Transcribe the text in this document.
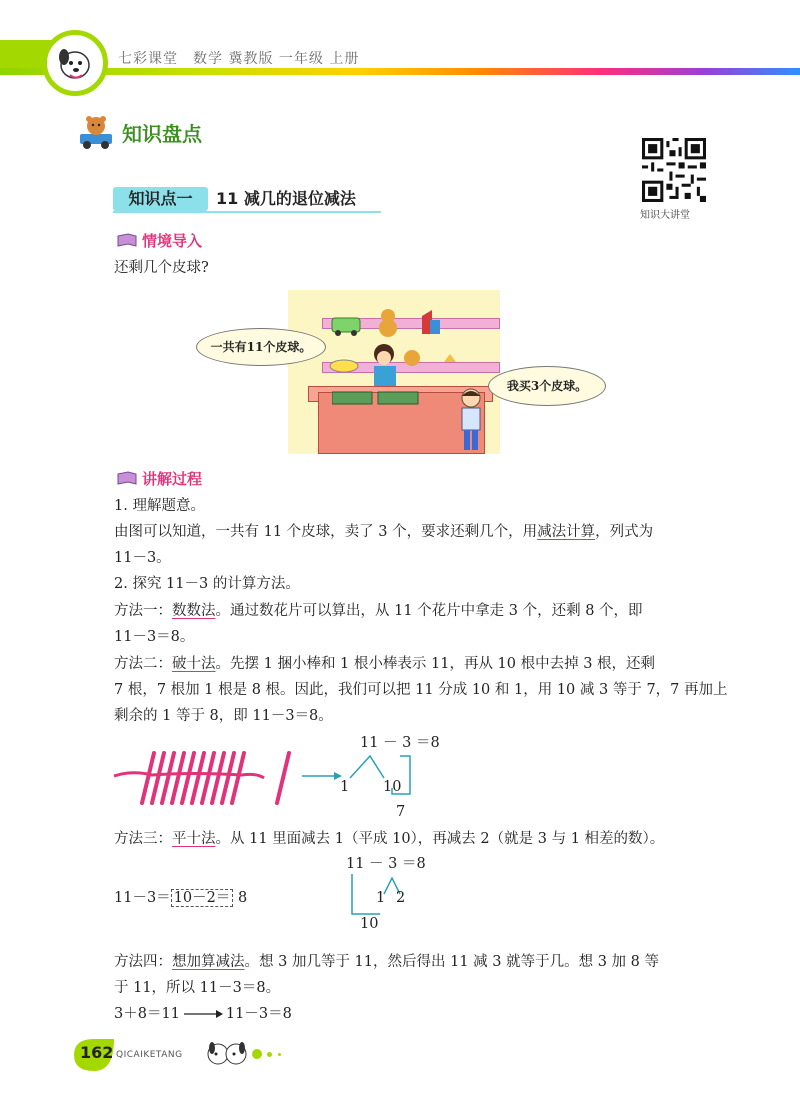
七彩课堂　数学 冀教版 一年级 上册
知识盘点
知识大讲堂
知识点一	11 减几的退位减法
情境导入
还剩几个皮球?
一共有11个皮球。
我买3个皮球。
讲解过程
1. 理解题意。
由图可以知道，一共有 11 个皮球，卖了 3 个，要求还剩几个，用减法计算，列式为
11－3。
2. 探究 11－3 的计算方法。
方法一：数数法。通过数花片可以算出，从 11 个花片中拿走 3 个，还剩 8 个，即
11－3＝8。
方法二：破十法。先摆 1 捆小棒和 1 根小棒表示 11，再从 10 根中去掉 3 根，还剩
7 根，7 根加 1 根是 8 根。因此，我们可以把 11 分成 10 和 1，用 10 减 3 等于 7，7 再加上
剩余的 1 等于 8，即 11－3＝8。
11 － 3 ＝8
1 10
7
方法三：平十法。从 11 里面减去 1（平成 10），再减去 2（就是 3 与 1 相差的数）。
11 － 3 ＝8
1 2
10
11－3＝ 10－2＝ 8
方法四：想加算减法。想 3 加几等于 11，然后得出 11 减 3 就等于几。想 3 加 8 等
于 11，所以 11－3＝8。
3＋8＝11	11－3＝8
162 QICAIKETANG
